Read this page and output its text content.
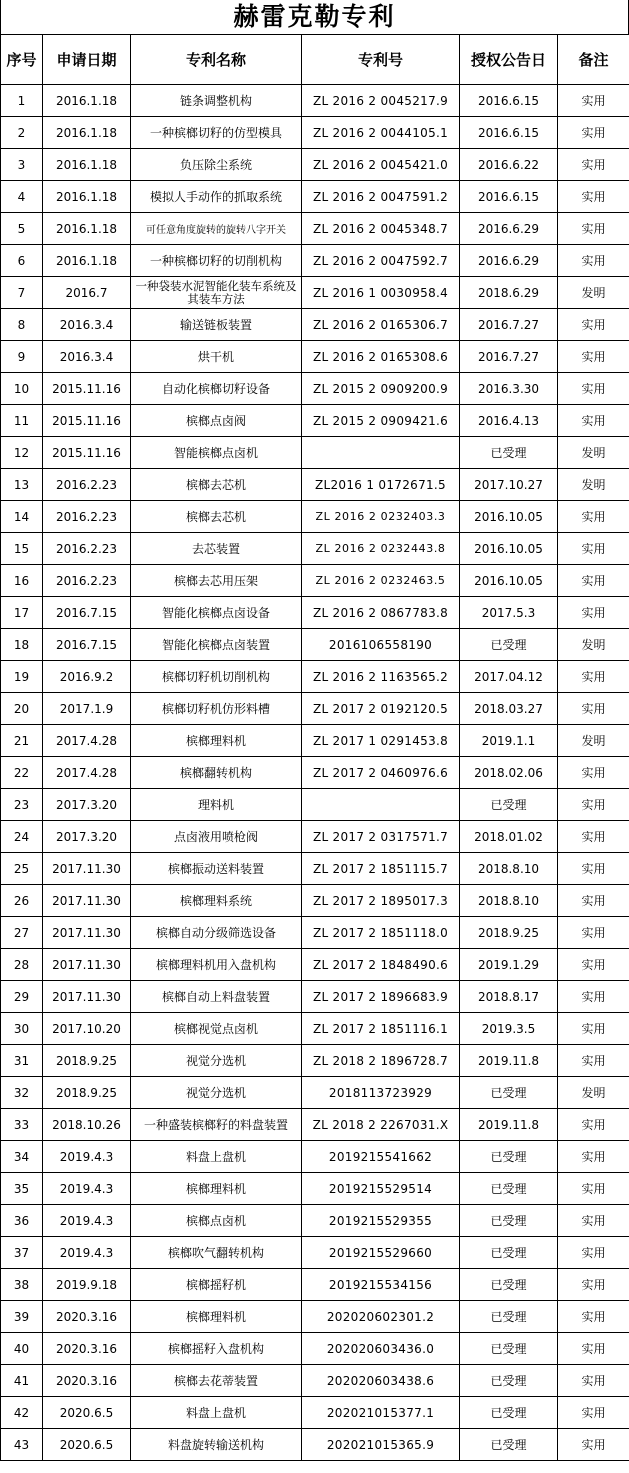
赫雷克勒专利
序号	申请日期	专利名称	专利号	授权公告日	备注
1	2016.1.18	链条调整机构	ZL 2016 2 0045217.9	2016.6.15	实用
2	2016.1.18	一种槟榔切籽的仿型模具	ZL 2016 2 0044105.1	2016.6.15	实用
3	2016.1.18	负压除尘系统	ZL 2016 2 0045421.0	2016.6.22	实用
4	2016.1.18	模拟人手动作的抓取系统	ZL 2016 2 0047591.2	2016.6.15	实用
5	2016.1.18	可任意角度旋转的旋转八字开关	ZL 2016 2 0045348.7	2016.6.29	实用
6	2016.1.18	一种槟榔切籽的切削机构	ZL 2016 2 0047592.7	2016.6.29	实用
7	2016.7	一种袋装水泥智能化装车系统及其装车方法	ZL 2016 1 0030958.4	2018.6.29	发明
8	2016.3.4	输送链板装置	ZL 2016 2 0165306.7	2016.7.27	实用
9	2016.3.4	烘干机	ZL 2016 2 0165308.6	2016.7.27	实用
10	2015.11.16	自动化槟榔切籽设备	ZL 2015 2 0909200.9	2016.3.30	实用
11	2015.11.16	槟榔点卤阀	ZL 2015 2 0909421.6	2016.4.13	实用
12	2015.11.16	智能槟榔点卤机		已受理	发明
13	2016.2.23	槟榔去芯机	ZL2016 1 0172671.5	2017.10.27	发明
14	2016.2.23	槟榔去芯机	ZL 2016 2 0232403.3	2016.10.05	实用
15	2016.2.23	去芯装置	ZL 2016 2 0232443.8	2016.10.05	实用
16	2016.2.23	槟榔去芯用压架	ZL 2016 2 0232463.5	2016.10.05	实用
17	2016.7.15	智能化槟榔点卤设备	ZL 2016 2 0867783.8	2017.5.3	实用
18	2016.7.15	智能化槟榔点卤装置	2016106558190	已受理	发明
19	2016.9.2	槟榔切籽机切削机构	ZL 2016 2 1163565.2	2017.04.12	实用
20	2017.1.9	槟榔切籽机仿形料槽	ZL 2017 2 0192120.5	2018.03.27	实用
21	2017.4.28	槟榔理料机	ZL 2017 1 0291453.8	2019.1.1	发明
22	2017.4.28	槟榔翻转机构	ZL 2017 2 0460976.6	2018.02.06	实用
23	2017.3.20	理料机		已受理	实用
24	2017.3.20	点卤液用喷枪阀	ZL 2017 2 0317571.7	2018.01.02	实用
25	2017.11.30	槟榔振动送料装置	ZL 2017 2 1851115.7	2018.8.10	实用
26	2017.11.30	槟榔理料系统	ZL 2017 2 1895017.3	2018.8.10	实用
27	2017.11.30	槟榔自动分级筛选设备	ZL 2017 2 1851118.0	2018.9.25	实用
28	2017.11.30	槟榔理料机用入盘机构	ZL 2017 2 1848490.6	2019.1.29	实用
29	2017.11.30	槟榔自动上料盘装置	ZL 2017 2 1896683.9	2018.8.17	实用
30	2017.10.20	槟榔视觉点卤机	ZL 2017 2 1851116.1	2019.3.5	实用
31	2018.9.25	视觉分选机	ZL 2018 2 1896728.7	2019.11.8	实用
32	2018.9.25	视觉分选机	2018113723929	已受理	发明
33	2018.10.26	一种盛装槟榔籽的料盘装置	ZL 2018 2 2267031.X	2019.11.8	实用
34	2019.4.3	料盘上盘机	2019215541662	已受理	实用
35	2019.4.3	槟榔理料机	2019215529514	已受理	实用
36	2019.4.3	槟榔点卤机	2019215529355	已受理	实用
37	2019.4.3	槟榔吹气翻转机构	2019215529660	已受理	实用
38	2019.9.18	槟榔摇籽机	2019215534156	已受理	实用
39	2020.3.16	槟榔理料机	202020602301.2	已受理	实用
40	2020.3.16	槟榔摇籽入盘机构	202020603436.0	已受理	实用
41	2020.3.16	槟榔去花蒂装置	202020603438.6	已受理	实用
42	2020.6.5	料盘上盘机	202021015377.1	已受理	实用
43	2020.6.5	料盘旋转输送机构	202021015365.9	已受理	实用
